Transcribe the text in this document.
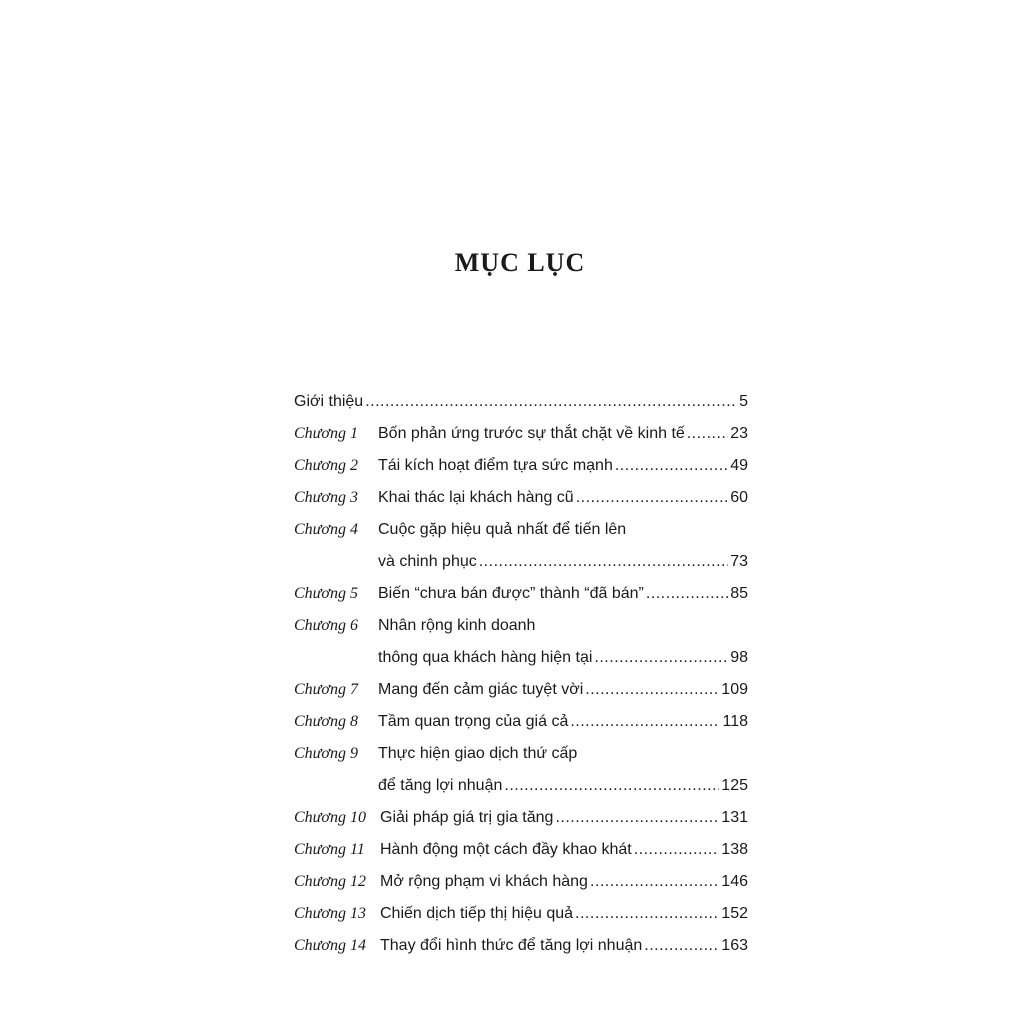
MỤC LỤC
Giới thiệu .....	5
Chương 1	Bốn phản ứng trước sự thắt chặt về kinh tế .....	23
Chương 2	Tái kích hoạt điểm tựa sức mạnh .....	49
Chương 3	Khai thác lại khách hàng cũ .....	60
Chương 4	Cuộc gặp hiệu quả nhất để tiến lên
và chinh phục .....	73
Chương 5	Biến “chưa bán được” thành “đã bán” .....	85
Chương 6	Nhân rộng kinh doanh
thông qua khách hàng hiện tại .....	98
Chương 7	Mang đến cảm giác tuyệt vời .....	109
Chương 8	Tầm quan trọng của giá cả .....	118
Chương 9	Thực hiện giao dịch thứ cấp
để tăng lợi nhuận .....	125
Chương 10 Giải pháp giá trị gia tăng .....	131
Chương 11 Hành động một cách đầy khao khát .....	138
Chương 12 Mở rộng phạm vi khách hàng .....	146
Chương 13 Chiến dịch tiếp thị hiệu quả .....	152
Chương 14 Thay đổi hình thức để tăng lợi nhuận .....	163
